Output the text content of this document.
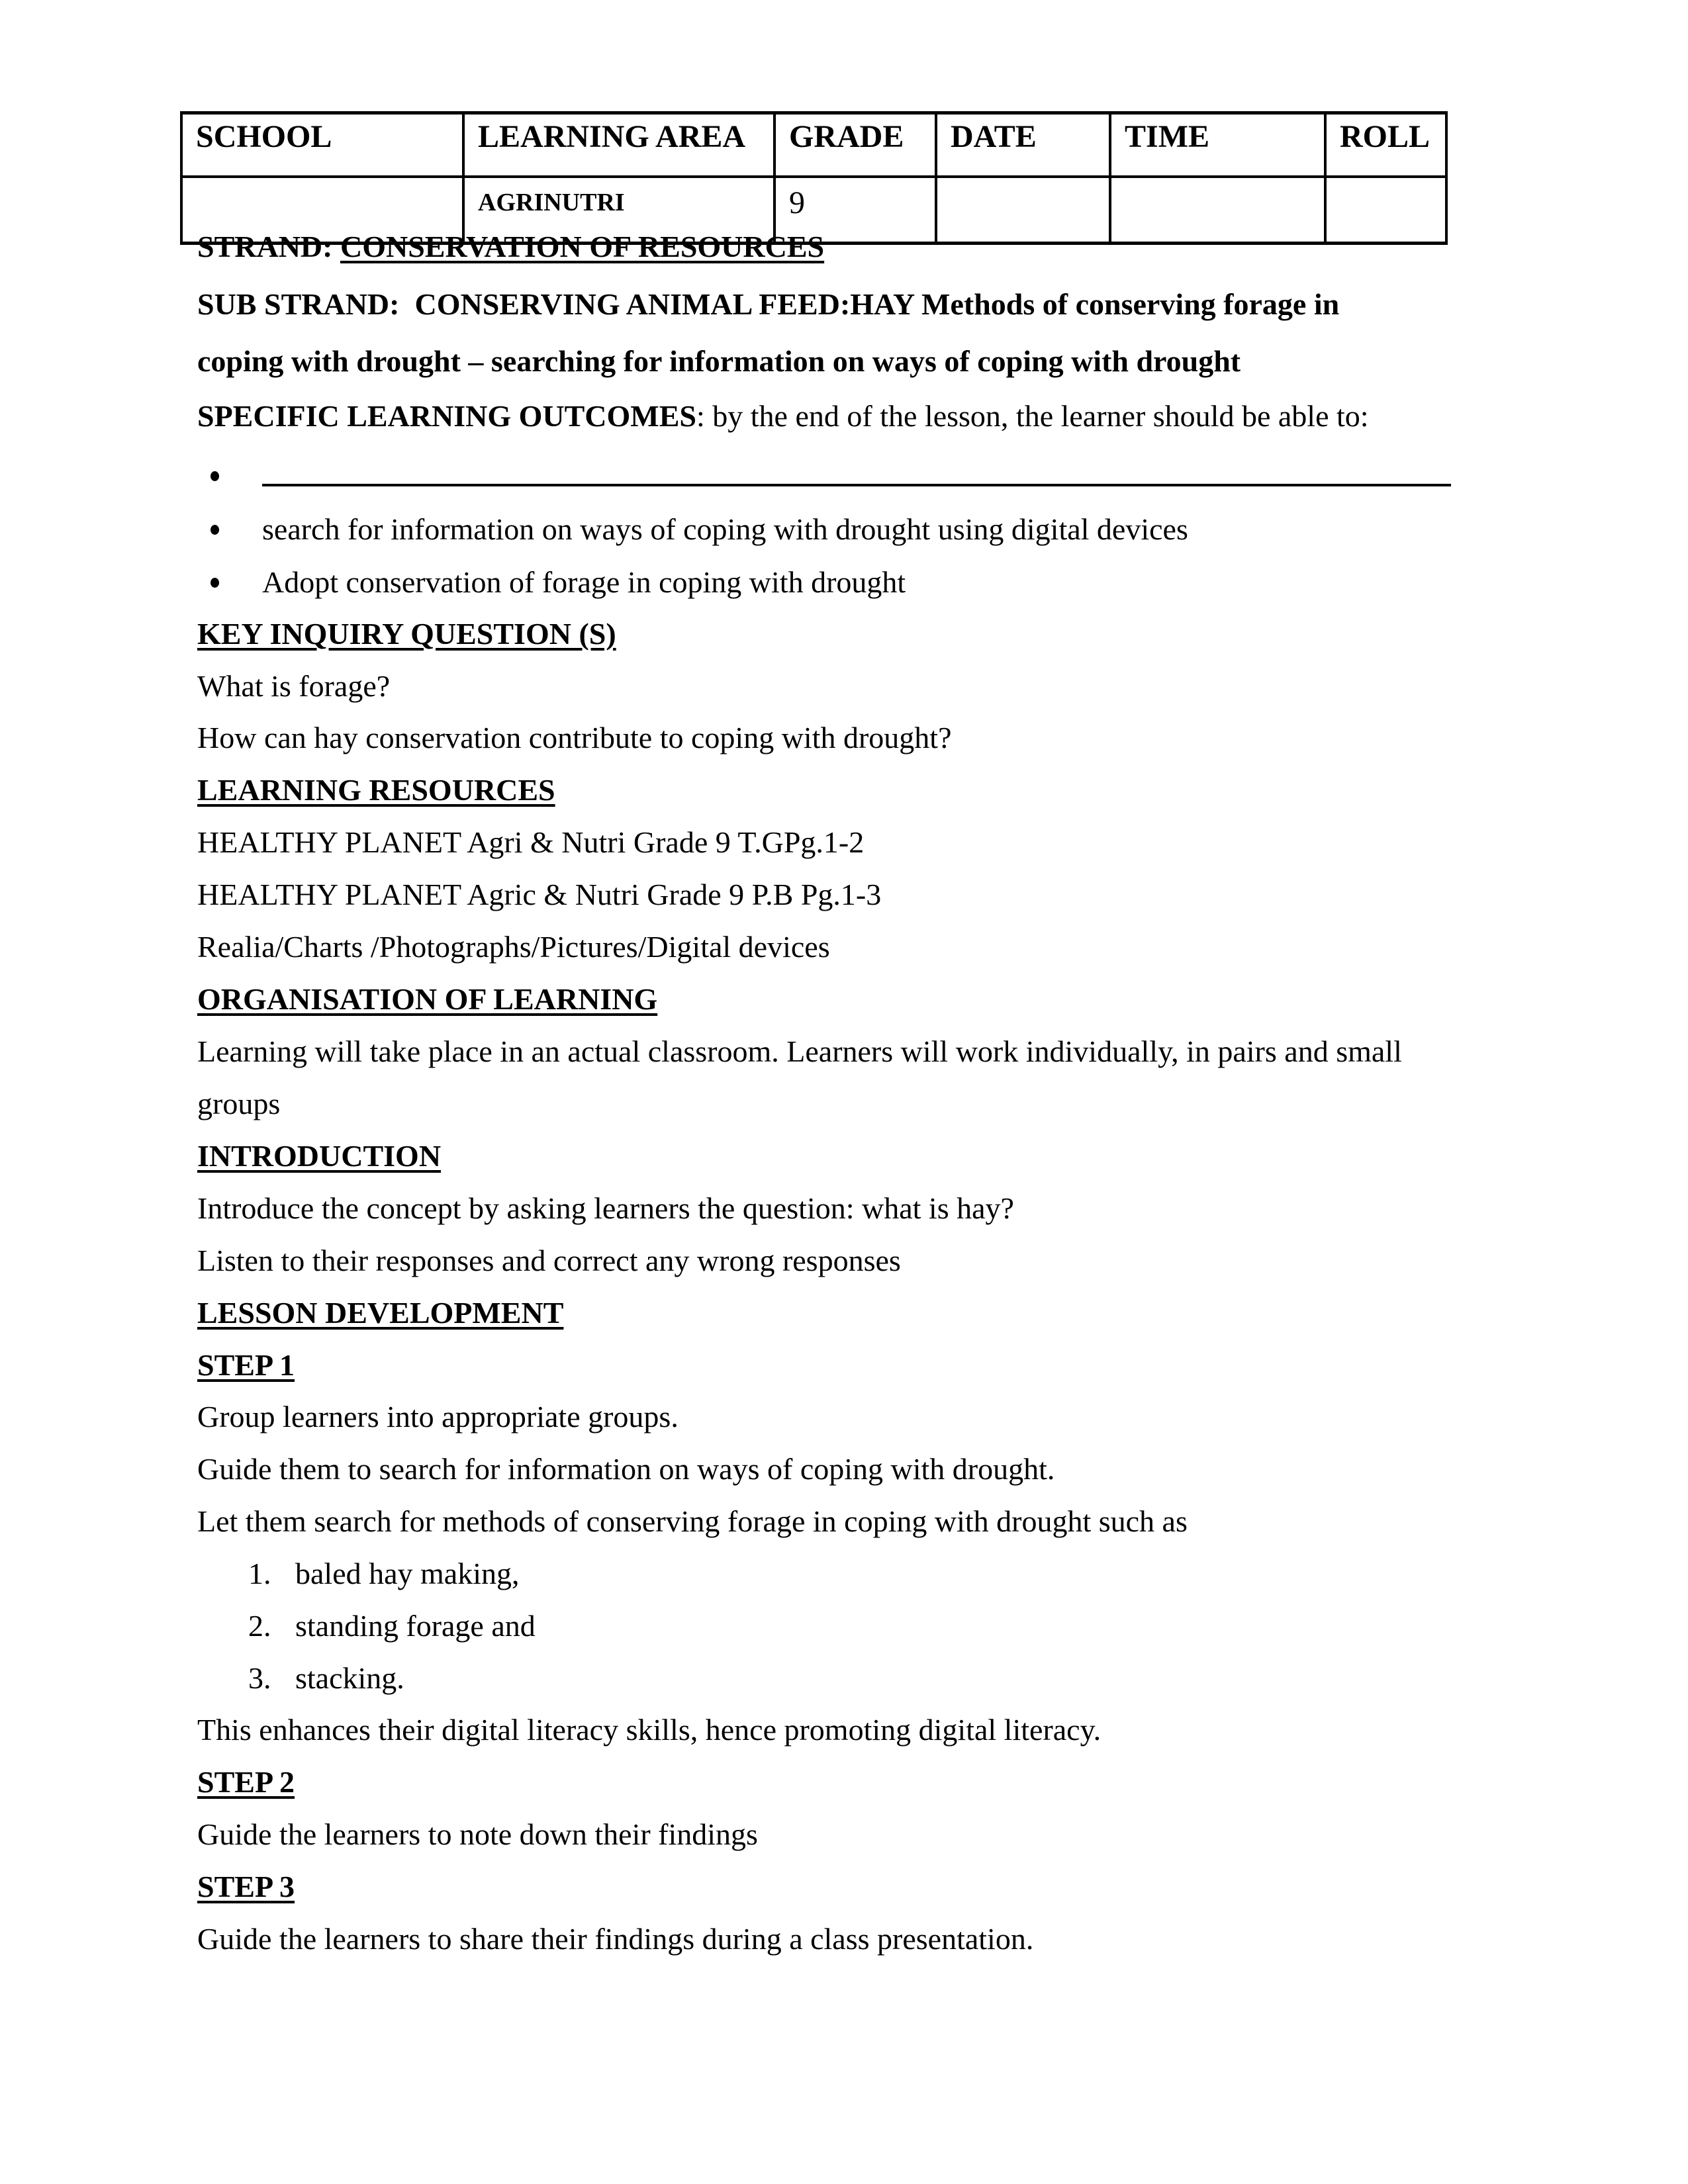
SCHOOL	LEARNING AREA	GRADE	DATE	TIME	ROLL
	AGRINUTRI	9			
STRAND: CONSERVATION OF RESOURCES
SUB STRAND:  CONSERVING ANIMAL FEED:HAY Methods of conserving forage in
coping with drought – searching for information on ways of coping with drought
SPECIFIC LEARNING OUTCOMES: by the end of the lesson, the learner should be able to:
search for information on ways of coping with drought using digital devices
Adopt conservation of forage in coping with drought
KEY INQUIRY QUESTION (S)
What is forage?
How can hay conservation contribute to coping with drought?
LEARNING RESOURCES
HEALTHY PLANET Agri & Nutri Grade 9 T.GPg.1-2
HEALTHY PLANET Agric & Nutri Grade 9 P.B Pg.1-3
Realia/Charts /Photographs/Pictures/Digital devices
ORGANISATION OF LEARNING
Learning will take place in an actual classroom. Learners will work individually, in pairs and small
groups
INTRODUCTION
Introduce the concept by asking learners the question: what is hay?
Listen to their responses and correct any wrong responses
LESSON DEVELOPMENT
STEP 1
Group learners into appropriate groups.
Guide them to search for information on ways of coping with drought.
Let them search for methods of conserving forage in coping with drought such as
1. baled hay making,
2. standing forage and
3. stacking.
This enhances their digital literacy skills, hence promoting digital literacy.
STEP 2
Guide the learners to note down their findings
STEP 3
Guide the learners to share their findings during a class presentation.
